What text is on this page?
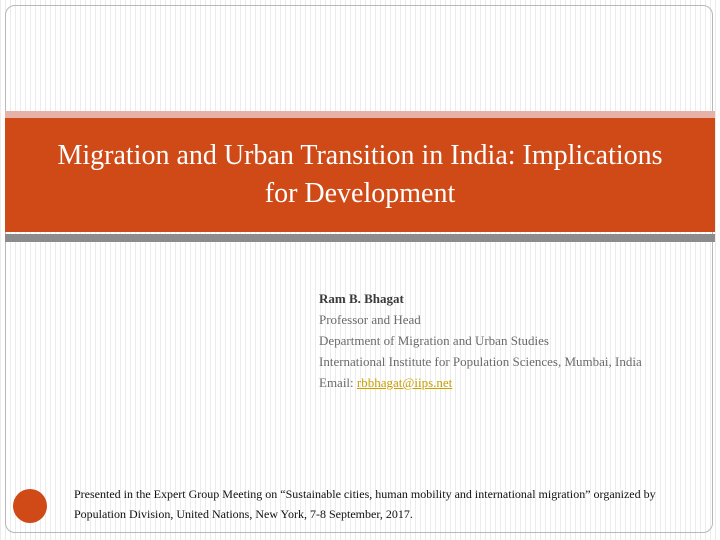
Migration and Urban Transition in India: Implications for Development
Ram B. Bhagat
Professor and Head
Department of Migration and Urban Studies
International Institute for Population Sciences, Mumbai, India
Email: rbbhagat@iips.net
Presented in the Expert Group Meeting on “Sustainable cities, human mobility and international migration” organized by Population Division, United Nations, New York, 7-8 September, 2017.
